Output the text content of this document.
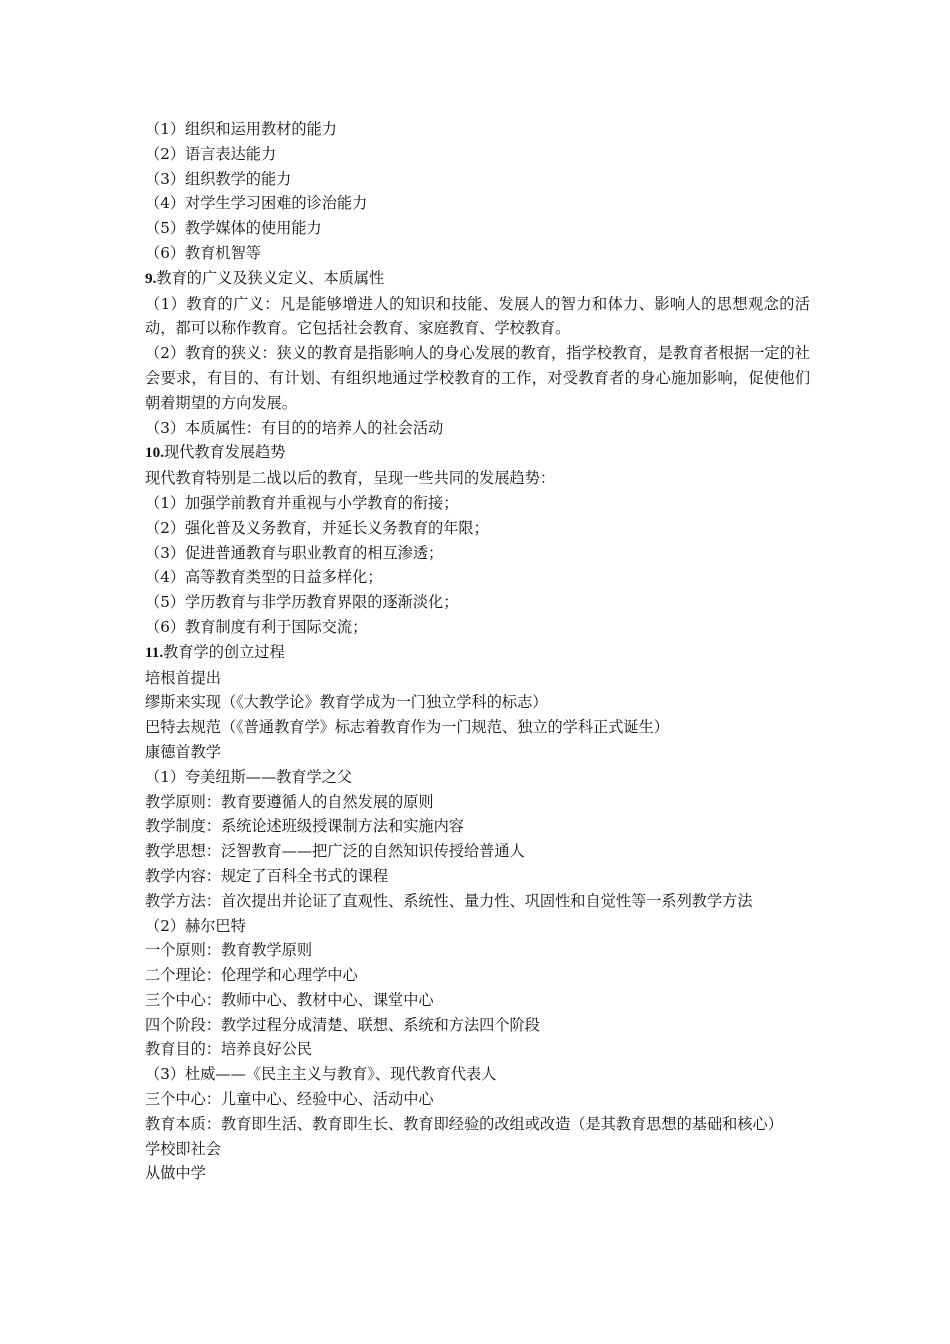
（1）组织和运用教材的能力
（2）语言表达能力
（3）组织教学的能力
（4）对学生学习困难的诊治能力
（5）教学媒体的使用能力
（6）教育机智等
9.教育的广义及狭义定义、本质属性
（1）教育的广义：凡是能够增进人的知识和技能、发展人的智力和体力、影响人的思想观念的活动，都可以称作教育。它包括社会教育、家庭教育、学校教育。
（2）教育的狭义：狭义的教育是指影响人的身心发展的教育，指学校教育，是教育者根据一定的社会要求，有目的、有计划、有组织地通过学校教育的工作，对受教育者的身心施加影响，促使他们朝着期望的方向发展。
（3）本质属性：有目的的培养人的社会活动
10.现代教育发展趋势
现代教育特别是二战以后的教育，呈现一些共同的发展趋势：
（1）加强学前教育并重视与小学教育的衔接；
（2）强化普及义务教育，并延长义务教育的年限；
（3）促进普通教育与职业教育的相互渗透；
（4）高等教育类型的日益多样化；
（5）学历教育与非学历教育界限的逐渐淡化；
（6）教育制度有利于国际交流；
11.教育学的创立过程
培根首提出
缪斯来实现（《大教学论》教育学成为一门独立学科的标志）
巴特去规范（《普通教育学》标志着教育作为一门规范、独立的学科正式诞生）
康德首教学
（1）夸美纽斯——教育学之父
教学原则：教育要遵循人的自然发展的原则
教学制度：系统论述班级授课制方法和实施内容
教学思想：泛智教育——把广泛的自然知识传授给普通人
教学内容：规定了百科全书式的课程
教学方法：首次提出并论证了直观性、系统性、量力性、巩固性和自觉性等一系列教学方法
（2）赫尔巴特
一个原则：教育教学原则
二个理论：伦理学和心理学中心
三个中心：教师中心、教材中心、课堂中心
四个阶段：教学过程分成清楚、联想、系统和方法四个阶段
教育目的：培养良好公民
（3）杜威——《民主主义与教育》、现代教育代表人
三个中心：儿童中心、经验中心、活动中心
教育本质：教育即生活、教育即生长、教育即经验的改组或改造（是其教育思想的基础和核心）
学校即社会
从做中学
